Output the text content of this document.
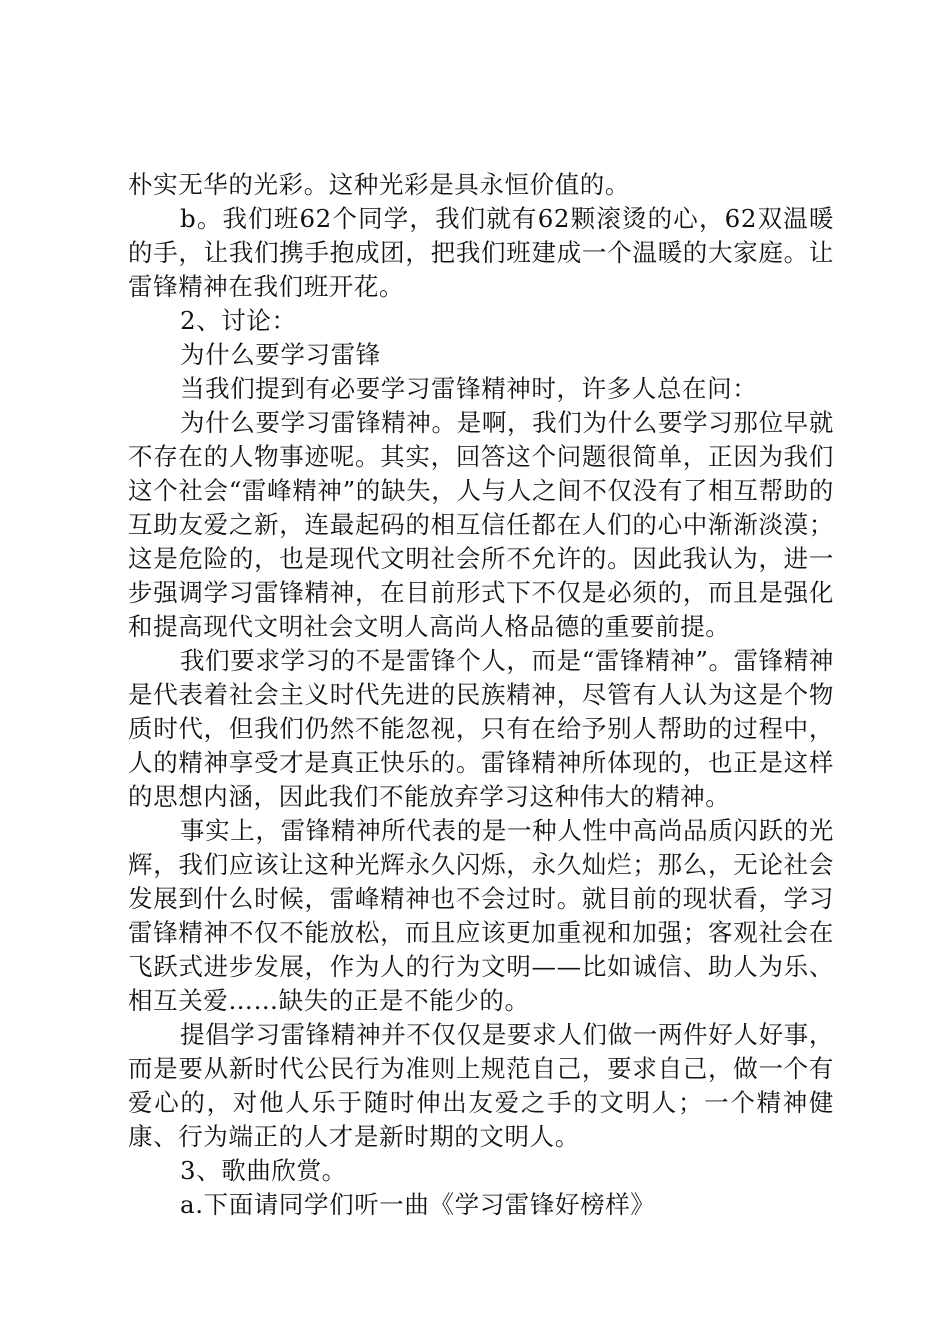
朴实无华的光彩。这种光彩是具永恒价值的。

b。我们班62个同学，我们就有62颗滚烫的心，62双温暖的手，让我们携手抱成团，把我们班建成一个温暖的大家庭。让雷锋精神在我们班开花。

2、讨论：

为什么要学习雷锋

当我们提到有必要学习雷锋精神时，许多人总在问：

为什么要学习雷锋精神。是啊，我们为什么要学习那位早就不存在的人物事迹呢。其实，回答这个问题很简单，正因为我们这个社会“雷峰精神”的缺失，人与人之间不仅没有了相互帮助的互助友爱之新，连最起码的相互信任都在人们的心中渐渐淡漠；这是危险的，也是现代文明社会所不允许的。因此我认为，进一步强调学习雷锋精神，在目前形式下不仅是必须的，而且是强化和提高现代文明社会文明人高尚人格品德的重要前提。

我们要求学习的不是雷锋个人，而是“雷锋精神”。雷锋精神是代表着社会主义时代先进的民族精神，尽管有人认为这是个物质时代，但我们仍然不能忽视，只有在给予别人帮助的过程中，人的精神享受才是真正快乐的。雷锋精神所体现的，也正是这样的思想内涵，因此我们不能放弃学习这种伟大的精神。

事实上，雷锋精神所代表的是一种人性中高尚品质闪跃的光辉，我们应该让这种光辉永久闪烁，永久灿烂；那么，无论社会发展到什么时候，雷峰精神也不会过时。就目前的现状看，学习雷锋精神不仅不能放松，而且应该更加重视和加强；客观社会在飞跃式进步发展，作为人的行为文明——比如诚信、助人为乐、相互关爱……缺失的正是不能少的。

提倡学习雷锋精神并不仅仅是要求人们做一两件好人好事，而是要从新时代公民行为准则上规范自己，要求自己，做一个有爱心的，对他人乐于随时伸出友爱之手的文明人；一个精神健康、行为端正的人才是新时期的文明人。

3、歌曲欣赏。

a.下面请同学们听一曲《学习雷锋好榜样》
